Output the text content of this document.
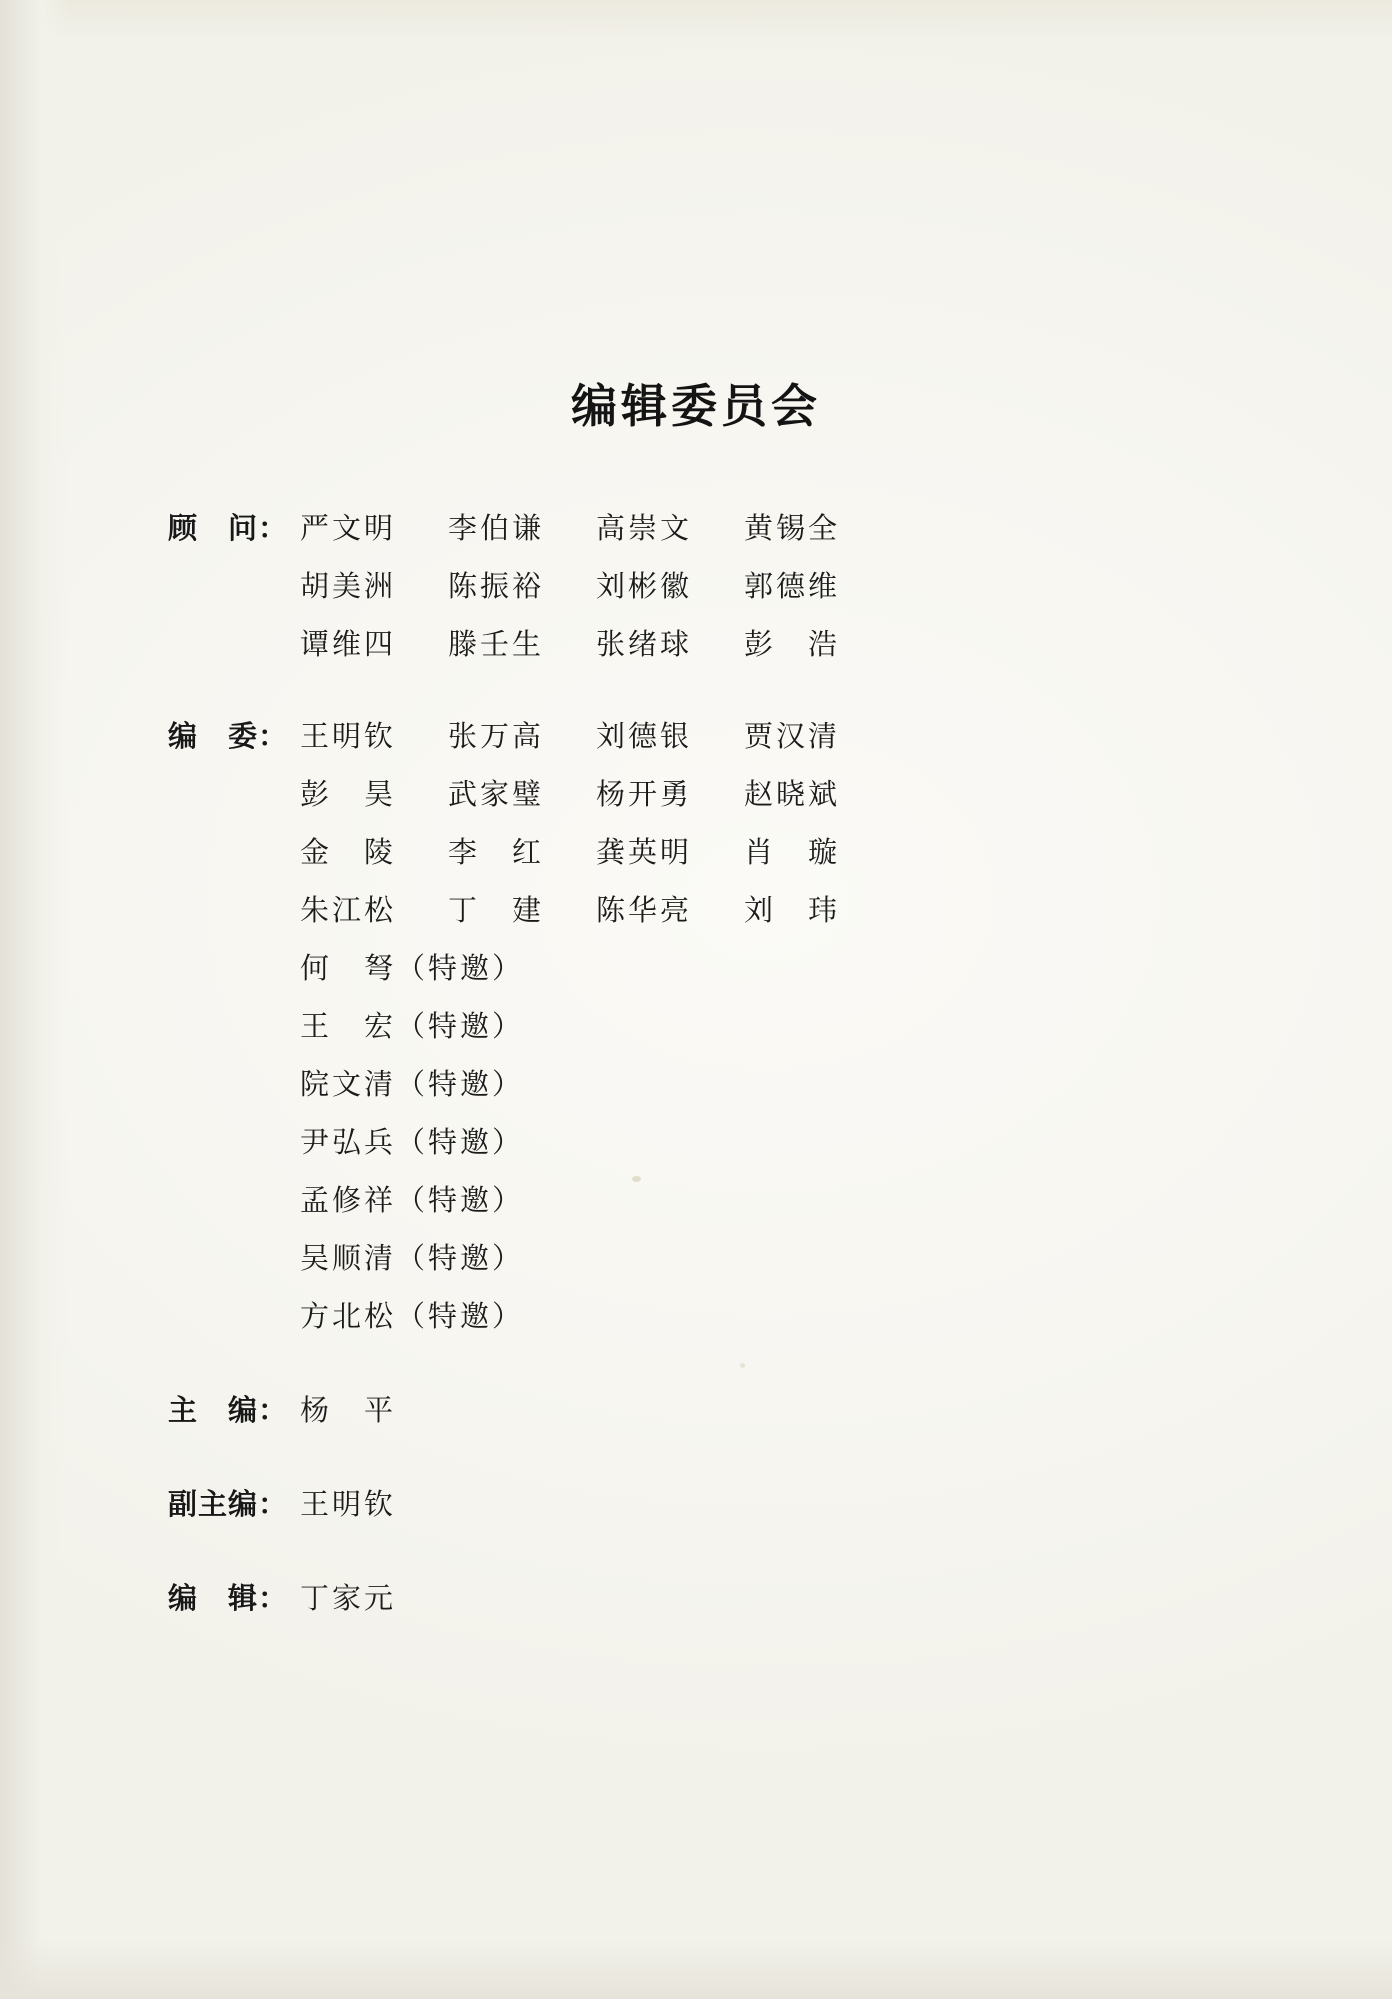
编辑委员会
顾　问： 严文明	李伯谦	高崇文	黄锡全
胡美洲	陈振裕	刘彬徽	郭德维
谭维四	滕壬生	张绪球	彭　浩
编　委： 王明钦	张万高	刘德银	贾汉清
彭　昊	武家璧	杨开勇	赵晓斌
金　陵	李　红	龚英明	肖　璇
朱江松	丁　建	陈华亮	刘　玮
何　弩（特邀）
王　宏（特邀）
院文清（特邀）
尹弘兵（特邀）
孟修祥（特邀）
吴顺清（特邀）
方北松（特邀）
主　编： 杨　平
副主编： 王明钦
编　辑： 丁家元
